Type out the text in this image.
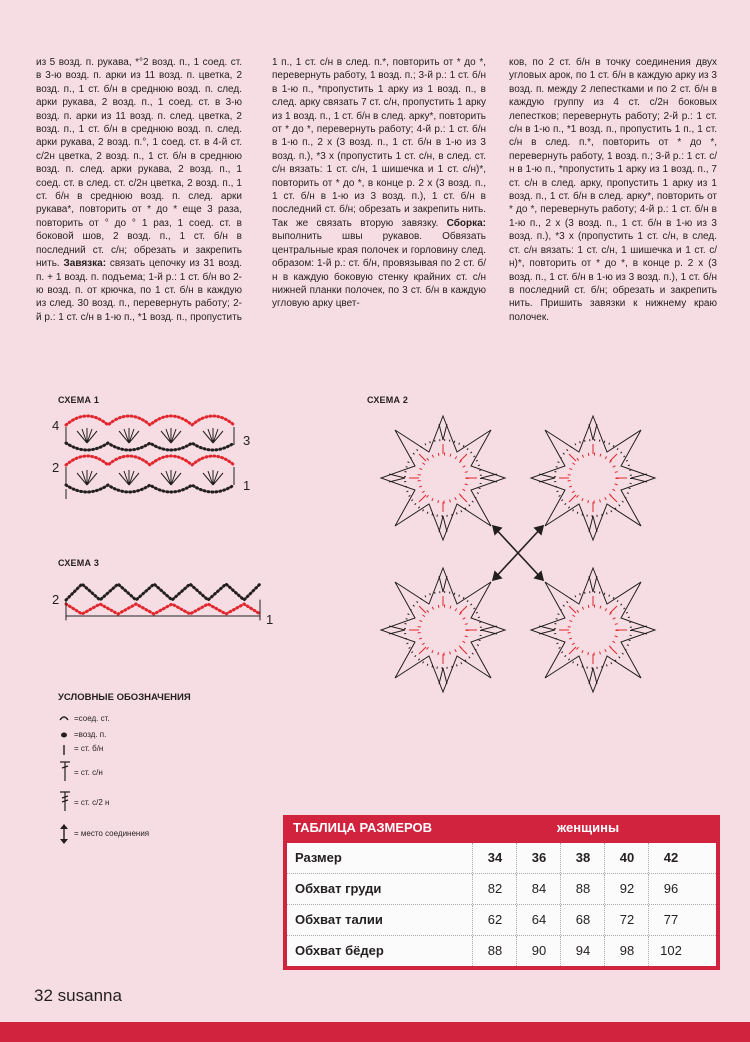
из 5 возд. п. рукава, *°2 возд. п., 1 соед. ст. в 3-ю возд. п. арки из 11 возд. п. цветка, 2 возд. п., 1 ст. б/н в среднюю возд. п. след. арки рукава, 2 возд. п., 1 соед. ст. в 3-ю возд. п. арки из 11 возд. п. след. цветка, 2 возд. п., 1 ст. б/н в среднюю возд. п. след. арки рукава, 2 возд. п.°, 1 соед. ст. в 4-й ст. с/2н цветка, 2 возд. п., 1 ст. б/н в среднюю возд. п. след. арки рукава, 2 возд. п., 1 соед. ст. в след. ст. с/2н цветка, 2 возд. п., 1 ст. б/н в среднюю возд. п. след. арки рукава*, повторить от * до * еще 3 раза, повторить от ° до ° 1 раз, 1 соед. ст. в боковой шов, 2 возд. п., 1 ст. б/н в последний ст. с/н; обрезать и закрепить нить. Завязка: связать цепочку из 31 возд. п. + 1 возд. п. подъема; 1-й р.: 1 ст. б/н во 2-ю возд. п. от крючка, по 1 ст. б/н в каждую из след. 30 возд. п., перевернуть работу; 2-й р.: 1 ст. с/н в 1-ю п., *1 возд. п., пропустить

1 п., 1 ст. с/н в след. п.*, повторить от * до *, перевернуть работу, 1 возд. п.; 3-й р.: 1 ст. б/н в 1-ю п., *пропустить 1 арку из 1 возд. п., в след. арку связать 7 ст. с/н, пропустить 1 арку из 1 возд. п., 1 ст. б/н в след. арку*, повторить от * до *, перевернуть работу; 4-й р.: 1 ст. б/н в 1-ю п., 2 х (3 возд. п., 1 ст. б/н в 1-ю из 3 возд. п.), *3 х (пропустить 1 ст. с/н, в след. ст. с/н вязать: 1 ст. с/н, 1 шишечка и 1 ст. с/н)*, повторить от * до *, в конце р. 2 х (3 возд. п., 1 ст. б/н в 1-ю из 3 возд. п.), 1 ст. б/н в последний ст. б/н; обрезать и закрепить нить. Так же связать вторую завязку. Сборка: выполнить швы рукавов. Обвязать центральные края полочек и горловину след. образом: 1-й р.: ст. б/н, провязывая по 2 ст. б/н в каждую боковую стенку крайних ст. с/н нижней планки полочек, по 3 ст. б/н в каждую угловую арку цвет-

ков, по 2 ст. б/н в точку соединения двух угловых арок, по 1 ст. б/н в каждую арку из 3 возд. п. между 2 лепестками и по 2 ст. б/н в каждую группу из 4 ст. с/2н боковых лепестков; перевернуть работу; 2-й р.: 1 ст. с/н в 1-ю п., *1 возд. п., пропустить 1 п., 1 ст. с/н в след. п.*, повторить от * до *, перевернуть работу, 1 возд. п.; 3-й р.: 1 ст. с/н в 1-ю п., *пропустить 1 арку из 1 возд. п., 7 ст. с/н в след. арку, пропустить 1 арку из 1 возд. п., 1 ст. б/н в след. арку*, повторить от * до *, перевернуть работу; 4-й р.: 1 ст. б/н в 1-ю п., 2 х (3 возд. п., 1 ст. б/н в 1-ю из 3 возд. п.), *3 х (пропустить 1 ст. с/н, в след. ст. с/н вязать: 1 ст. с/н, 1 шишечка и 1 ст. с/н)*, повторить от * до *, в конце р. 2 х (3 возд. п., 1 ст. б/н в 1-ю из 3 возд. п.), 1 ст. б/н в последний ст. б/н; обрезать и закрепить нить. Пришить завязки к нижнему краю полочек.

СХЕМА 1
4
3
2
1
СХЕМА 3
2
1
СХЕМА 2
УСЛОВНЫЕ ОБОЗНАЧЕНИЯ
=соед. ст.
=возд. п.
= ст. б/н
= ст. с/н
= ст. с/2 н
= место соединения	ТАБЛИЦА РАЗМЕРОВ	женщины
Размер	34	36	38	40	42
Обхват груди	82	84	88	92	96
Обхват талии	62	64	68	72	77
Обхват бёдер	88	90	94	98	102
32 susanna
